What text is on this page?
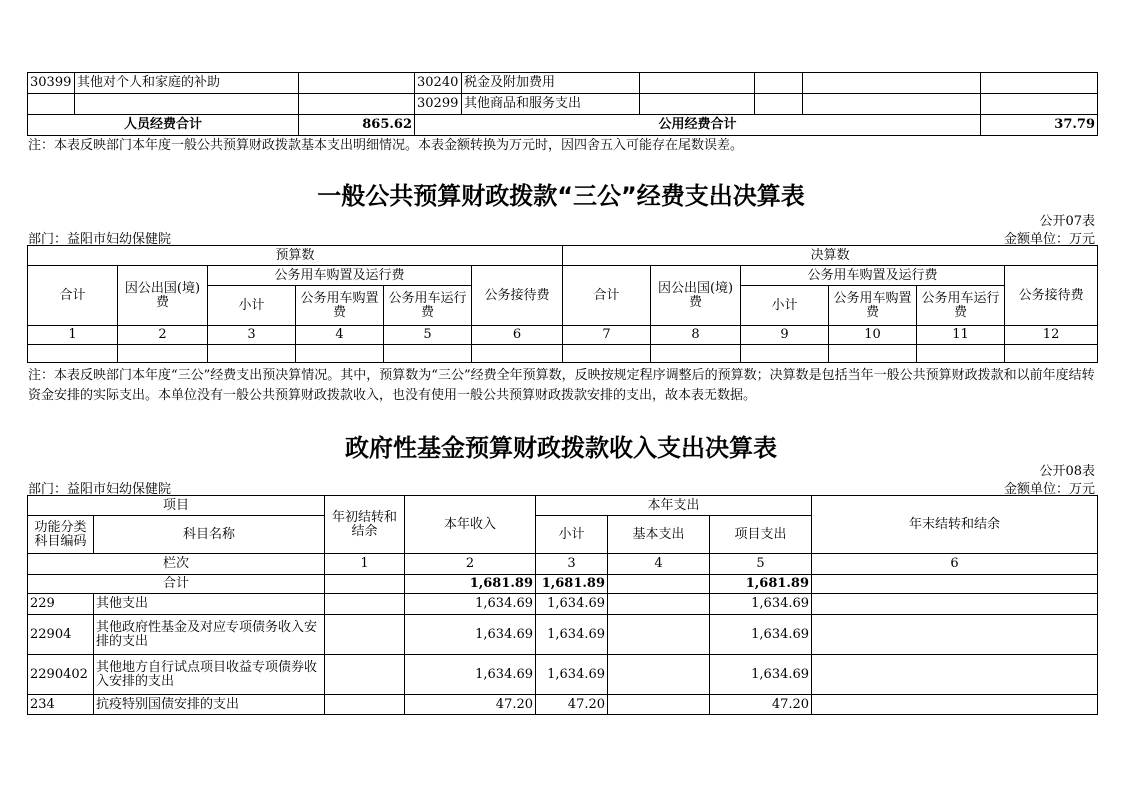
30399	其他对个人和家庭的补助		30240	税金及附加费用				
			30299	其他商品和服务支出				
人员经费合计		865.62	公用经费合计					37.79
注：本表反映部门本年度一般公共预算财政拨款基本支出明细情况。本表金额转换为万元时，因四舍五入可能存在尾数误差。
一般公共预算财政拨款“三公”经费支出决算表
公开07表
部门：益阳市妇幼保健院	金额单位：万元
预算数						决算数					
合计	因公出国(境)费	公务用车购置及运行费			公务接待费	合计	因公出国(境)费	公务用车购置及运行费			公务接待费
		小计	公务用车购置费	公务用车运行费				小计	公务用车购置费	公务用车运行费	
1	2	3	4	5	6	7	8	9	10	11	12

注：本表反映部门本年度“三公”经费支出预决算情况。其中，预算数为“三公”经费全年预算数，反映按规定程序调整后的预算数；决算数是包括当年一般公共预算财政拨款和以前年度结转资金安排的实际支出。本单位没有一般公共预算财政拨款收入，也没有使用一般公共预算财政拨款安排的支出，故本表无数据。
政府性基金预算财政拨款收入支出决算表
公开08表
部门：益阳市妇幼保健院	金额单位：万元
项目		年初结转和结余	本年收入	本年支出			年末结转和结余
功能分类科目编码	科目名称			小计	基本支出	项目支出	
栏次		1	2	3	4	5	6
合计			1,681.89	1,681.89		1,681.89	
229	其他支出		1,634.69	1,634.69		1,634.69	
22904	其他政府性基金及对应专项债务收入安排的支出		1,634.69	1,634.69		1,634.69	
2290402	其他地方自行试点项目收益专项债券收入安排的支出		1,634.69	1,634.69		1,634.69	
234	抗疫特别国债安排的支出		47.20	47.20		47.20	
